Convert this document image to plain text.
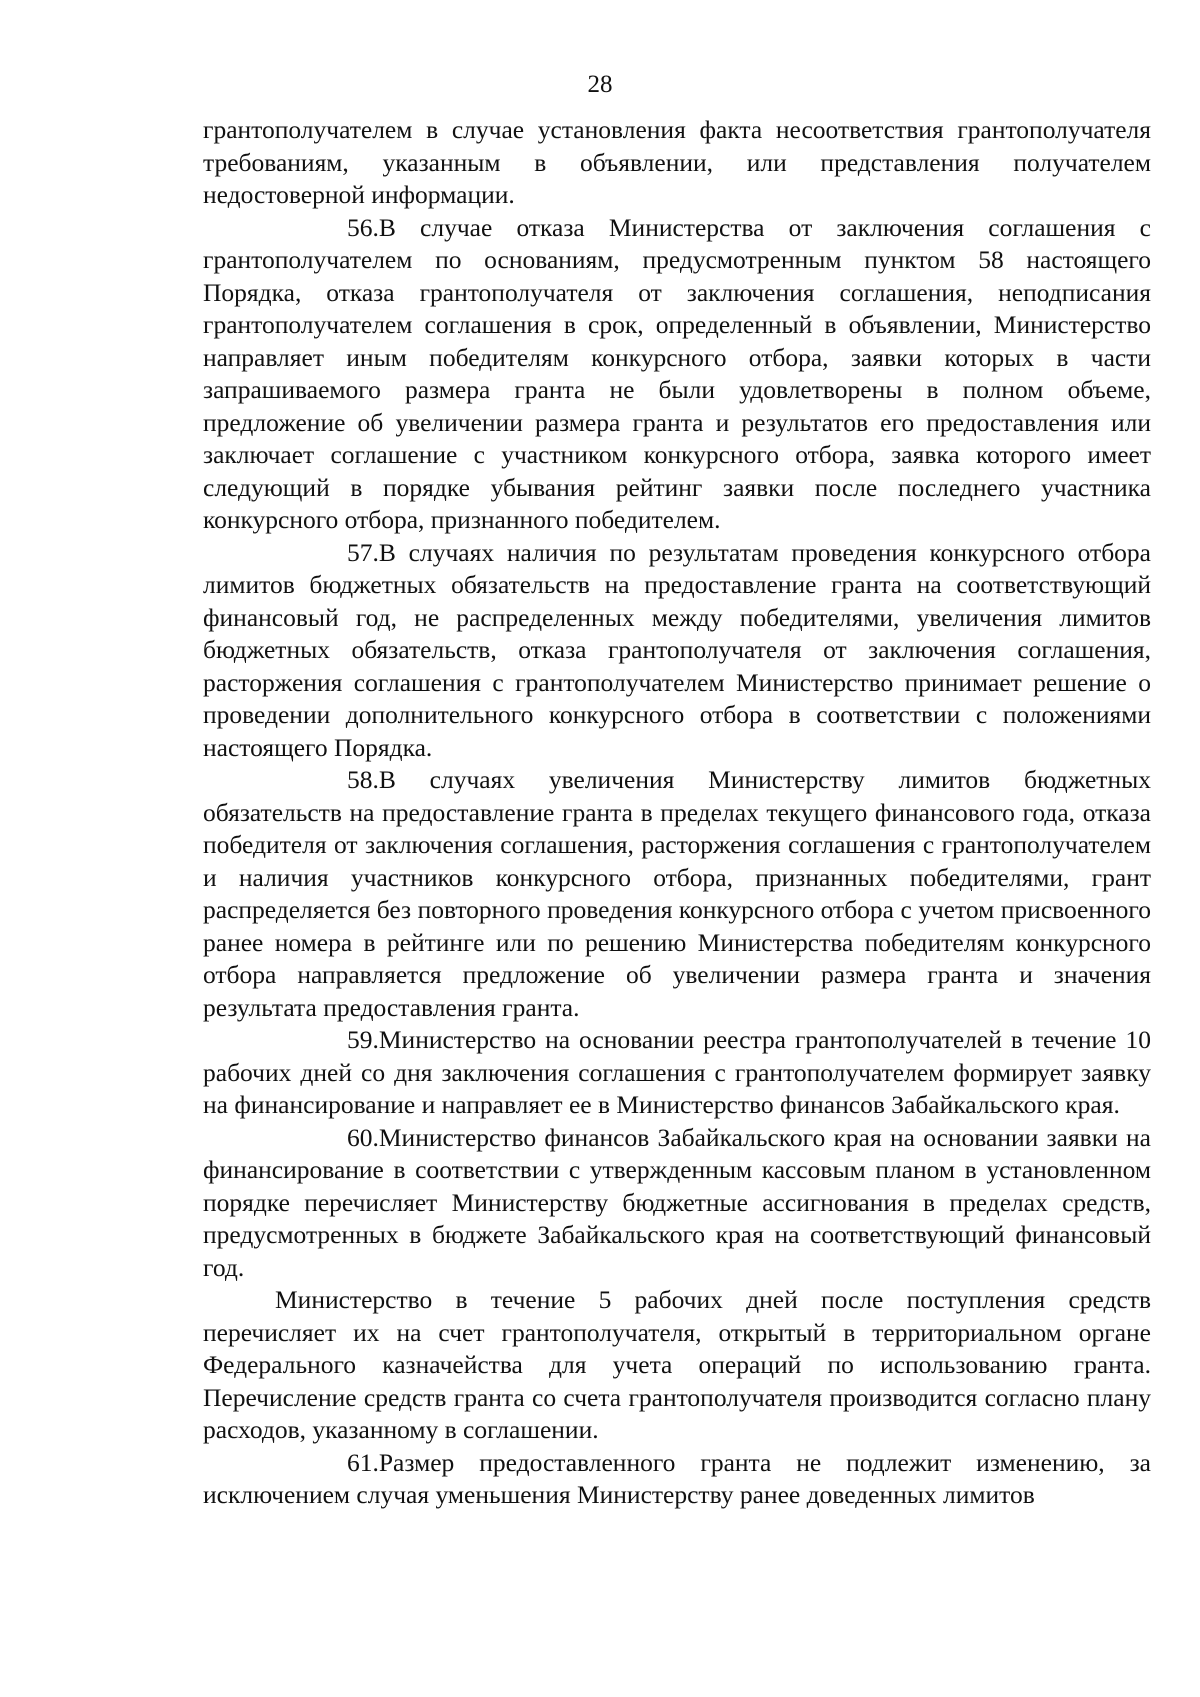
28

грантополучателем в случае установления факта несоответствия грантополучателя требованиям, указанным в объявлении, или представления получателем недостоверной информации.

56.В случае отказа Министерства от заключения соглашения с грантополучателем по основаниям, предусмотренным пунктом 58 настоящего Порядка, отказа грантополучателя от заключения соглашения, неподписания грантополучателем соглашения в срок, определенный в объявлении, Министерство направляет иным победителям конкурсного отбора, заявки которых в части запрашиваемого размера гранта не были удовлетворены в полном объеме, предложение об увеличении размера гранта и результатов его предоставления или заключает соглашение с участником конкурсного отбора, заявка которого имеет следующий в порядке убывания рейтинг заявки после последнего участника конкурсного отбора, признанного победителем.

57.В случаях наличия по результатам проведения конкурсного отбора лимитов бюджетных обязательств на предоставление гранта на соответствующий финансовый год, не распределенных между победителями, увеличения лимитов бюджетных обязательств, отказа грантополучателя от заключения соглашения, расторжения соглашения с грантополучателем Министерство принимает решение о проведении дополнительного конкурсного отбора в соответствии с положениями настоящего Порядка.

58.В случаях увеличения Министерству лимитов бюджетных обязательств на предоставление гранта в пределах текущего финансового года, отказа победителя от заключения соглашения, расторжения соглашения с грантополучателем и наличия участников конкурсного отбора, признанных победителями, грант распределяется без повторного проведения конкурсного отбора с учетом присвоенного ранее номера в рейтинге или по решению Министерства победителям конкурсного отбора направляется предложение об увеличении размера гранта и значения результата предоставления гранта.

59.Министерство на основании реестра грантополучателей в течение 10 рабочих дней со дня заключения соглашения с грантополучателем формирует заявку на финансирование и направляет ее в Министерство финансов Забайкальского края.

60.Министерство финансов Забайкальского края на основании заявки на финансирование в соответствии с утвержденным кассовым планом в установленном порядке перечисляет Министерству бюджетные ассигнования в пределах средств, предусмотренных в бюджете Забайкальского края на соответствующий финансовый год.

Министерство в течение 5 рабочих дней после поступления средств перечисляет их на счет грантополучателя, открытый в территориальном органе Федерального казначейства для учета операций по использованию гранта. Перечисление средств гранта со счета грантополучателя производится согласно плану расходов, указанному в соглашении.

61.Размер предоставленного гранта не подлежит изменению, за исключением случая уменьшения Министерству ранее доведенных лимитов
